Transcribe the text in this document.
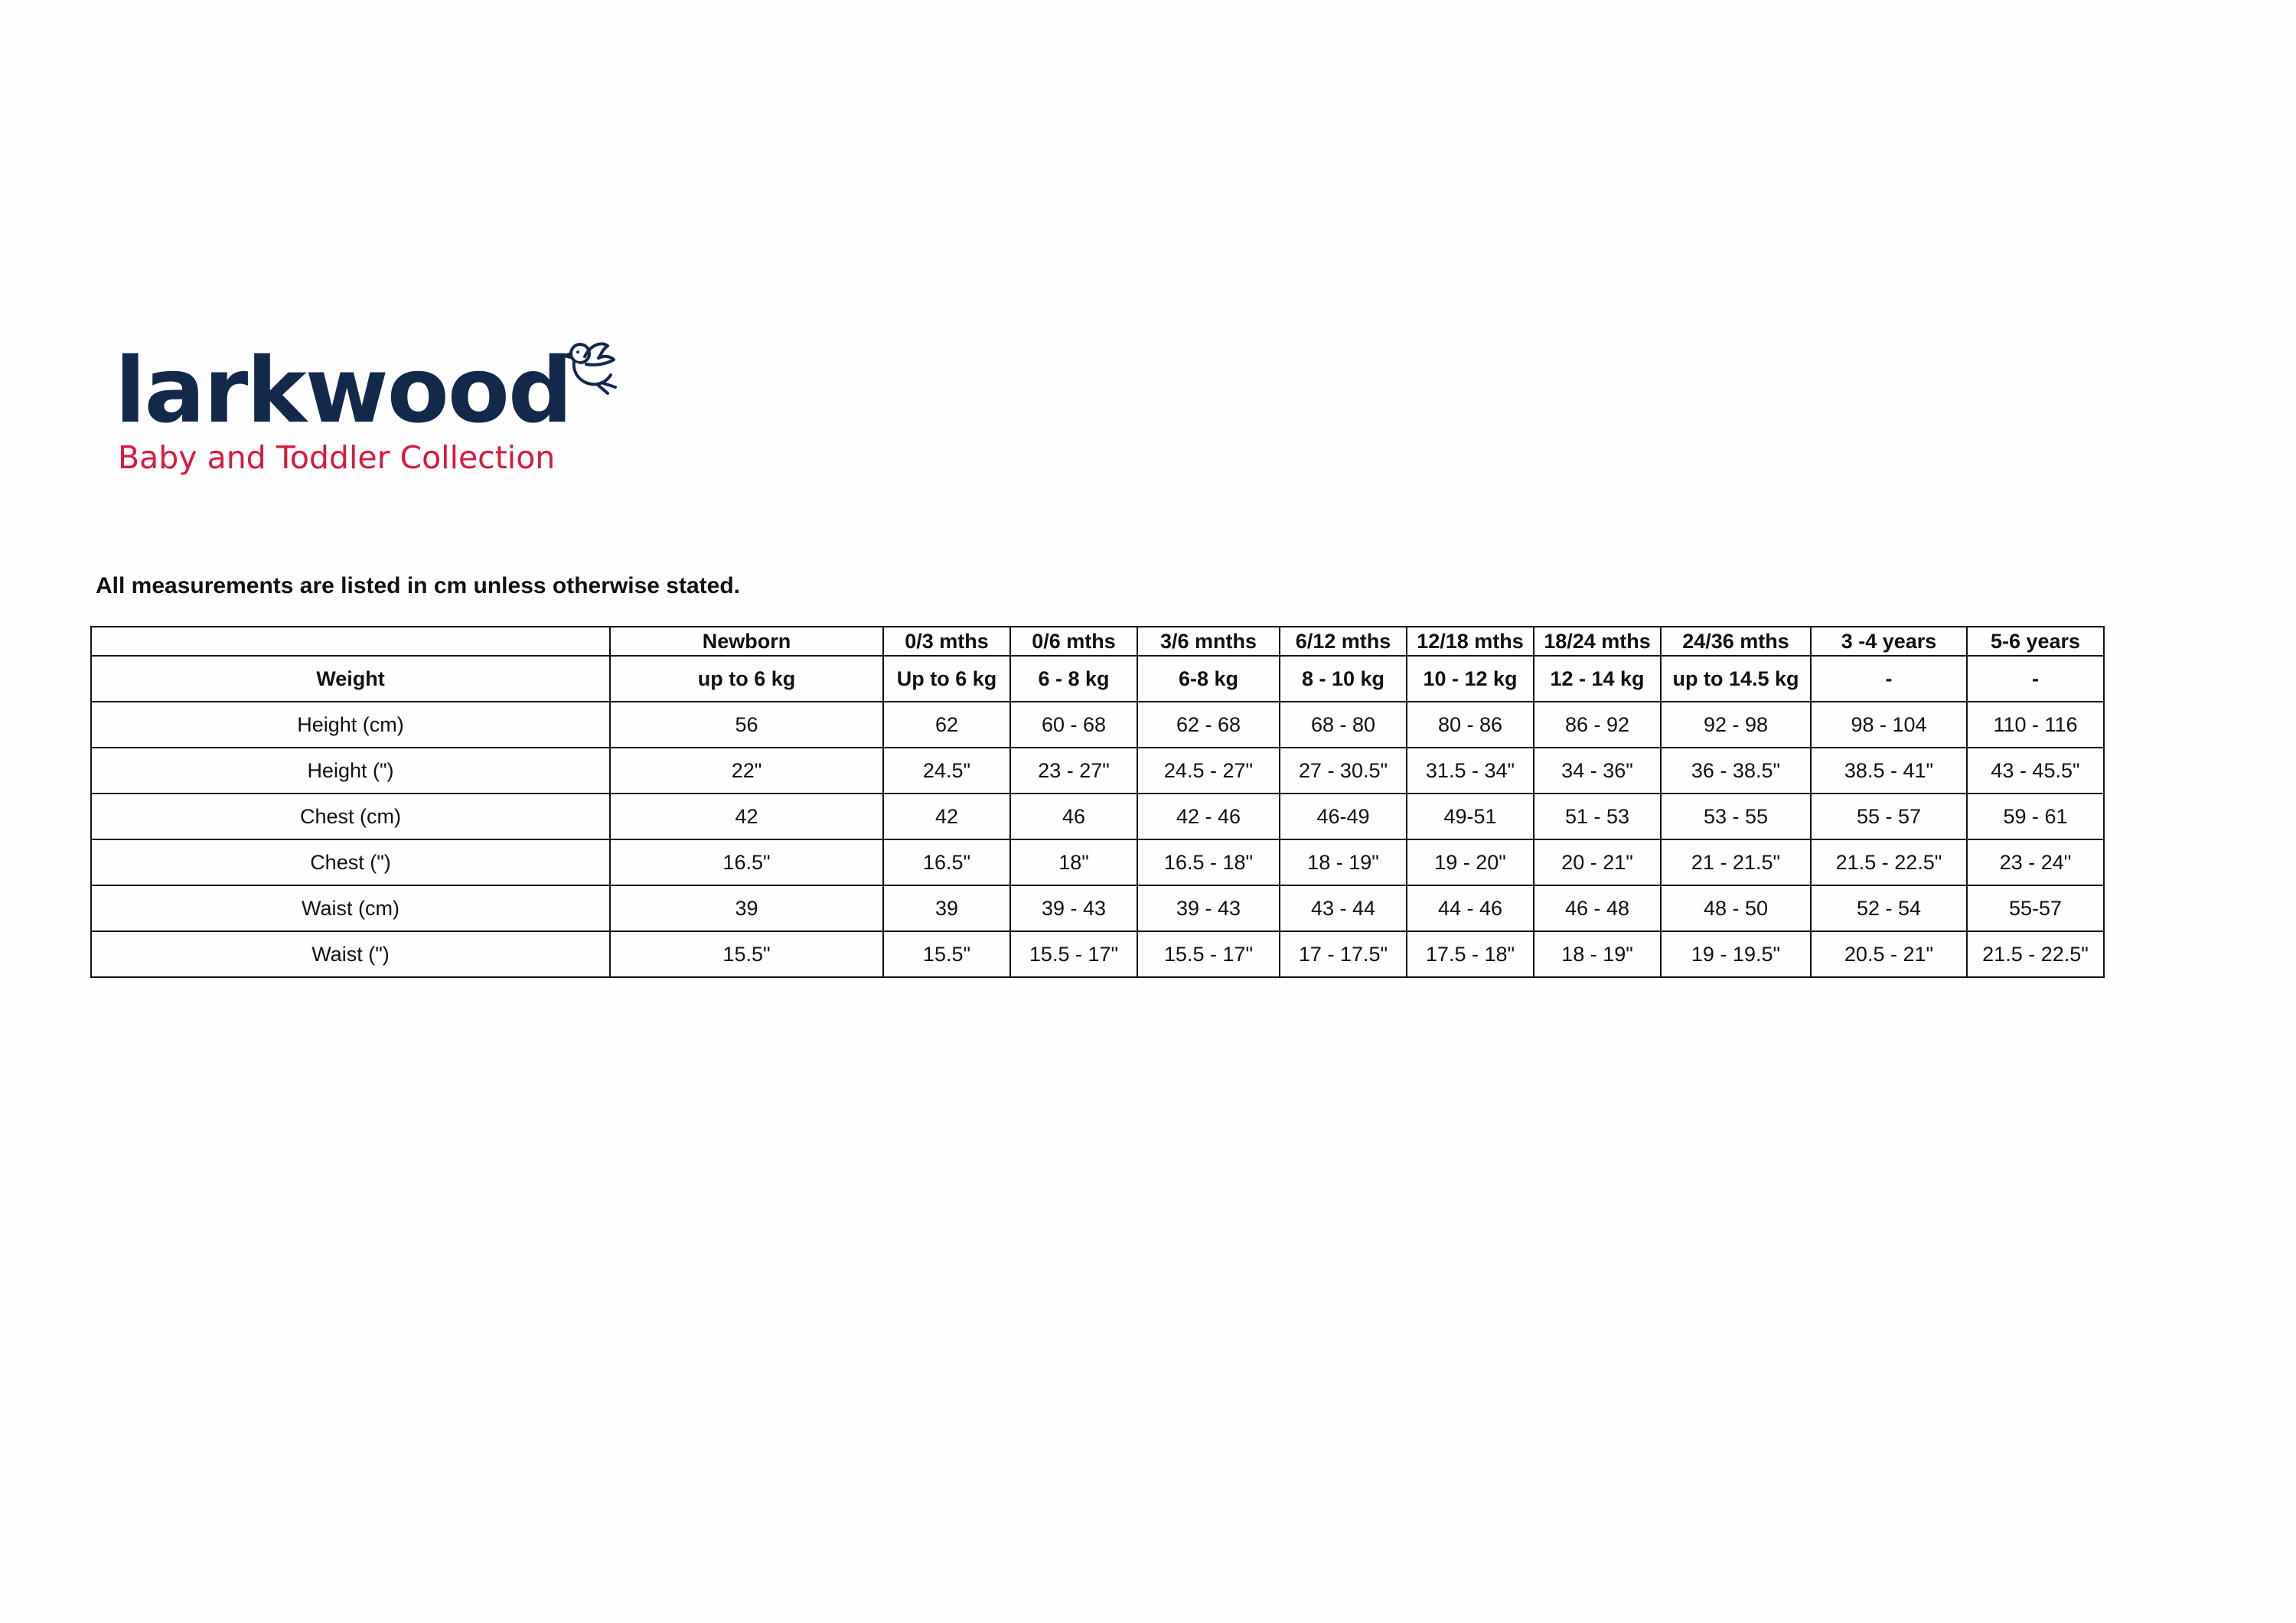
larkwood
Baby and Toddler Collection
All measurements are listed in cm unless otherwise stated.
	Newborn	0/3 mths	0/6 mths	3/6 mnths	6/12 mths	12/18 mths	18/24 mths	24/36 mths	3 -4 years	5-6 years
Weight	up to 6 kg	Up to 6 kg	6 - 8 kg	6-8 kg	8 - 10 kg	10 - 12 kg	12 - 14 kg	up to 14.5 kg	-	-
Height (cm)	56	62	60 - 68	62 - 68	68 - 80	80 - 86	86 - 92	92 - 98	98 - 104	110 - 116
Height (")	22"	24.5"	23 - 27"	24.5 - 27"	27 - 30.5"	31.5 - 34"	34 - 36"	36 - 38.5"	38.5 - 41"	43 - 45.5"
Chest (cm)	42	42	46	42 - 46	46-49	49-51	51 - 53	53 - 55	55 - 57	59 - 61
Chest (")	16.5"	16.5"	18"	16.5 - 18"	18 - 19"	19 - 20"	20 - 21"	21 - 21.5"	21.5 - 22.5"	23 - 24"
Waist (cm)	39	39	39 - 43	39 - 43	43 - 44	44 - 46	46 - 48	48 - 50	52 - 54	55-57
Waist (")	15.5"	15.5"	15.5 - 17"	15.5 - 17"	17 - 17.5"	17.5 - 18"	18 - 19"	19 - 19.5"	20.5 - 21"	21.5 - 22.5"
